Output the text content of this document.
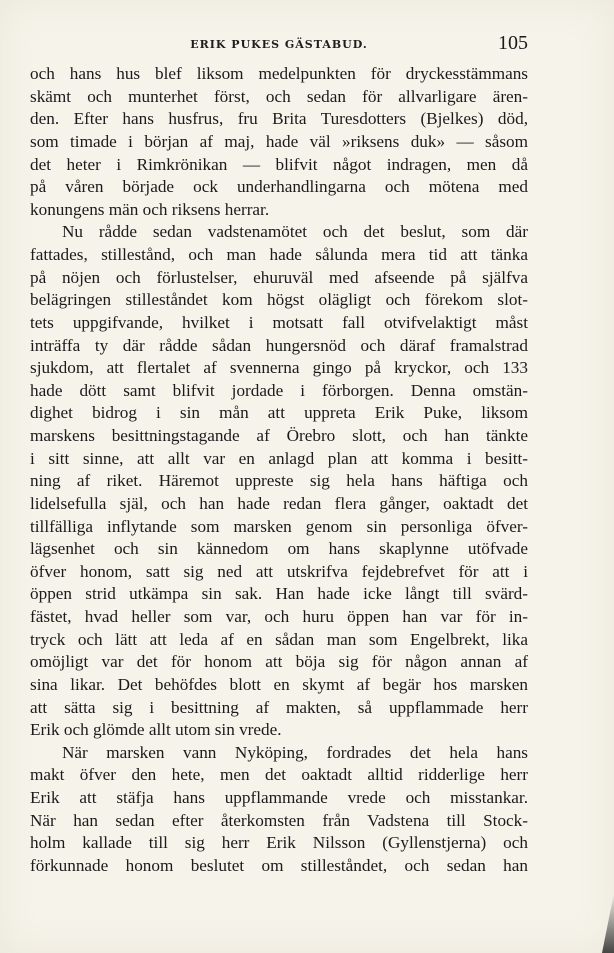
ERIK PUKES GÄSTABUD.	105
och hans hus blef liksom medelpunkten för dryckesstämmans
skämt och munterhet först, och sedan för allvarligare ären-
den. Efter hans husfrus, fru Brita Turesdotters (Bjelkes) död,
som timade i början af maj, hade väl »riksens duk» — såsom
det heter i Rimkrönikan — blifvit något indragen, men då
på våren började ock underhandlingarna och mötena med
konungens män och riksens herrar.
Nu rådde sedan vadstenamötet och det beslut, som där
fattades, stillestånd, och man hade sålunda mera tid att tänka
på nöjen och förlustelser, ehuruväl med afseende på själfva
belägringen stilleståndet kom högst olägligt och förekom slot-
tets uppgifvande, hvilket i motsatt fall otvifvelaktigt måst
inträffa ty där rådde sådan hungersnöd och däraf framalstrad
sjukdom, att flertalet af svennerna gingo på kryckor, och 133
hade dött samt blifvit jordade i förborgen. Denna omstän-
dighet bidrog i sin mån att uppreta Erik Puke, liksom
marskens besittningstagande af Örebro slott, och han tänkte
i sitt sinne, att allt var en anlagd plan att komma i besitt-
ning af riket. Häremot uppreste sig hela hans häftiga och
lidelsefulla själ, och han hade redan flera gånger, oaktadt det
tillfälliga inflytande som marsken genom sin personliga öfver-
lägsenhet och sin kännedom om hans skaplynne utöfvade
öfver honom, satt sig ned att utskrifva fejdebrefvet för att i
öppen strid utkämpa sin sak. Han hade icke långt till svärd-
fästet, hvad heller som var, och huru öppen han var för in-
tryck och lätt att leda af en sådan man som Engelbrekt, lika
omöjligt var det för honom att böja sig för någon annan af
sina likar. Det behöfdes blott en skymt af begär hos marsken
att sätta sig i besittning af makten, så uppflammade herr
Erik och glömde allt utom sin vrede.
När marsken vann Nyköping, fordrades det hela hans
makt öfver den hete, men det oaktadt alltid ridderlige herr
Erik att stäfja hans uppflammande vrede och misstankar.
När han sedan efter återkomsten från Vadstena till Stock-
holm kallade till sig herr Erik Nilsson (Gyllenstjerna) och
förkunnade honom beslutet om stilleståndet, och sedan han
